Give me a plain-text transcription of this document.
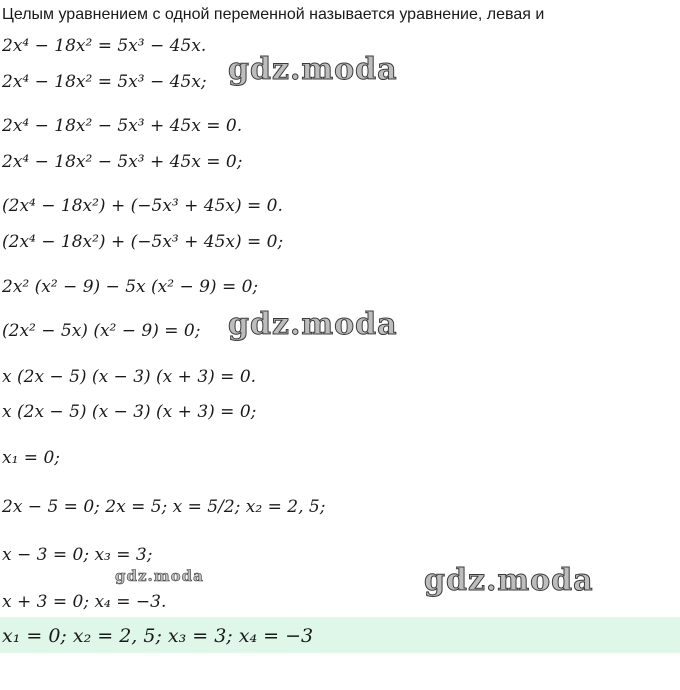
Целым уравнением с одной переменной называется уравнение, левая и
2x⁴ − 18x² = 5x³ − 45x.
2x⁴ − 18x² = 5x³ − 45x;
2x⁴ − 18x² − 5x³ + 45x = 0.
2x⁴ − 18x² − 5x³ + 45x = 0;
(2x⁴ − 18x²) + (−5x³ + 45x) = 0.
(2x⁴ − 18x²) + (−5x³ + 45x) = 0;
2x² (x² − 9) − 5x (x² − 9) = 0;
(2x² − 5x) (x² − 9) = 0;
x (2x − 5) (x − 3) (x + 3) = 0.
x (2x − 5) (x − 3) (x + 3) = 0;
x₁ = 0;
2x − 5 = 0; 2x = 5; x = 5/2; x₂ = 2, 5;
x − 3 = 0; x₃ = 3;
x + 3 = 0; x₄ = −3.
gdz.moda
gdz.moda
gdz.moda
gdz.moda
x₁ = 0; x₂ = 2, 5; x₃ = 3; x₄ = −3
